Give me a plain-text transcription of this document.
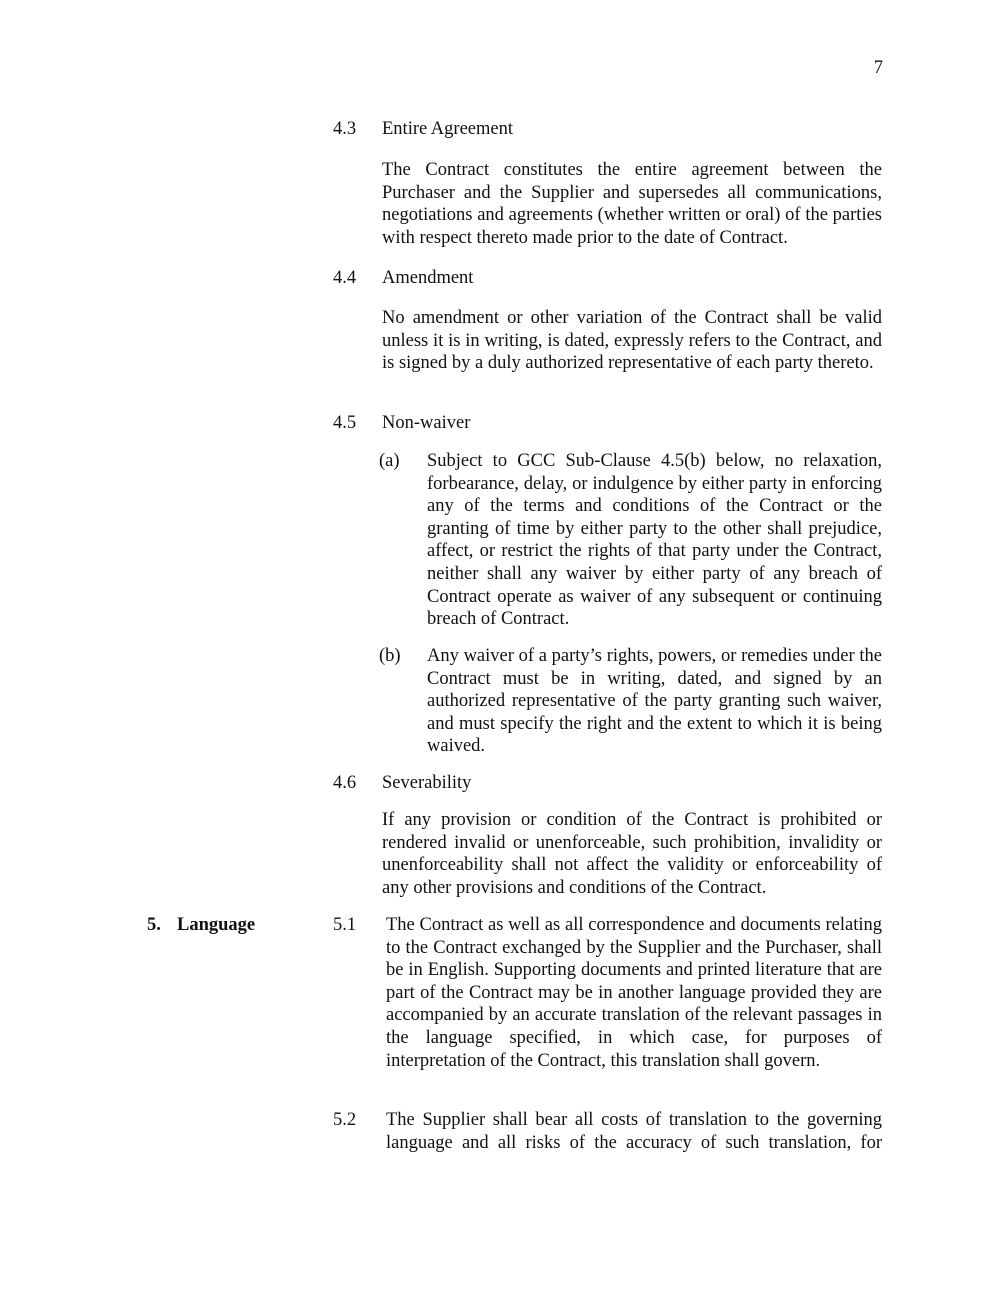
7
4.3 Entire Agreement
The Contract constitutes the entire agreement between the Purchaser and the Supplier and supersedes all communications, negotiations and agreements (whether written or oral) of the parties with respect thereto made prior to the date of Contract.
4.4 Amendment
No amendment or other variation of the Contract shall be valid unless it is in writing, is dated, expressly refers to the Contract, and is signed by a duly authorized representative of each party thereto.
4.5 Non-waiver
(a) Subject to GCC Sub-Clause 4.5(b) below, no relaxation, forbearance, delay, or indulgence by either party in enforcing any of the terms and conditions of the Contract or the granting of time by either party to the other shall prejudice, affect, or restrict the rights of that party under the Contract, neither shall any waiver by either party of any breach of Contract operate as waiver of any subsequent or continuing breach of Contract.
(b) Any waiver of a party’s rights, powers, or remedies under the Contract must be in writing, dated, and signed by an authorized representative of the party granting such waiver, and must specify the right and the extent to which it is being waived.
4.6 Severability
If any provision or condition of the Contract is prohibited or rendered invalid or unenforceable, such prohibition, invalidity or unenforceability shall not affect the validity or enforceability of any other provisions and conditions of the Contract.
5. Language	5.1 The Contract as well as all correspondence and documents relating to the Contract exchanged by the Supplier and the Purchaser, shall be in English. Supporting documents and printed literature that are part of the Contract may be in another language provided they are accompanied by an accurate translation of the relevant passages in the language specified, in which case, for purposes of interpretation of the Contract, this translation shall govern.
5.2 The Supplier shall bear all costs of translation to the governing language and all risks of the accuracy of such translation, for
